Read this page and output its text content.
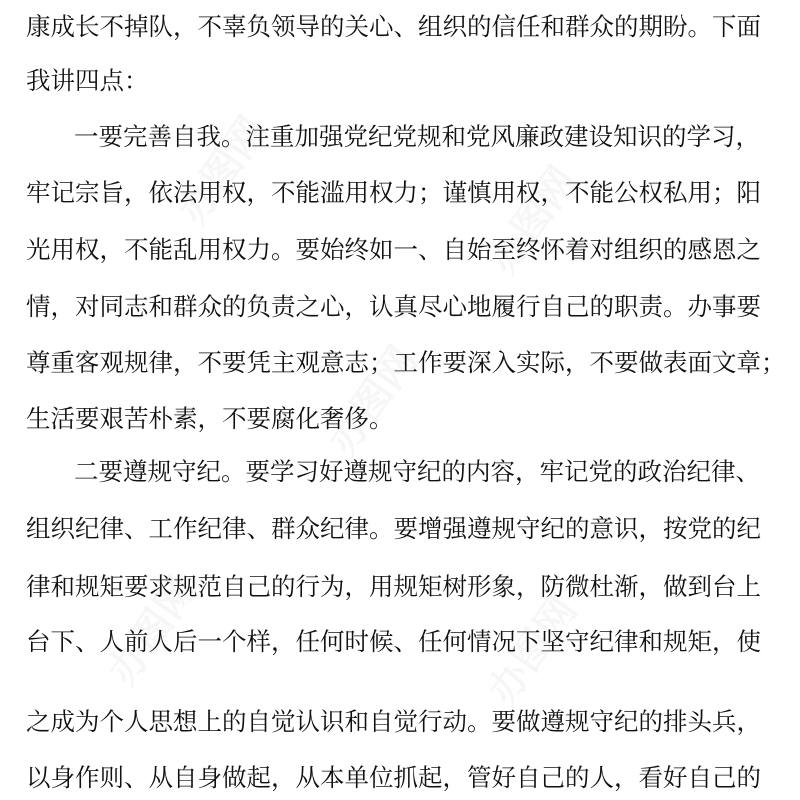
办图网	办图网
办图网
办图网
办图网
康成长不掉队，不辜负领导的关心、组织的信任和群众的期盼。下面
我讲四点：
一要完善自我。注重加强党纪党规和党风廉政建设知识的学习，
牢记宗旨，依法用权，不能滥用权力；谨慎用权，不能公权私用；阳
光用权，不能乱用权力。要始终如一、自始至终怀着对组织的感恩之
情，对同志和群众的负责之心，认真尽心地履行自己的职责。办事要
尊重客观规律，不要凭主观意志；工作要深入实际，不要做表面文章；
生活要艰苦朴素，不要腐化奢侈。
二要遵规守纪。要学习好遵规守纪的内容，牢记党的政治纪律、
组织纪律、工作纪律、群众纪律。要增强遵规守纪的意识，按党的纪
律和规矩要求规范自己的行为，用规矩树形象，防微杜渐，做到台上
台下、人前人后一个样，任何时候、任何情况下坚守纪律和规矩，使
之成为个人思想上的自觉认识和自觉行动。要做遵规守纪的排头兵，
以身作则、从自身做起，从本单位抓起，管好自己的人，看好自己的
